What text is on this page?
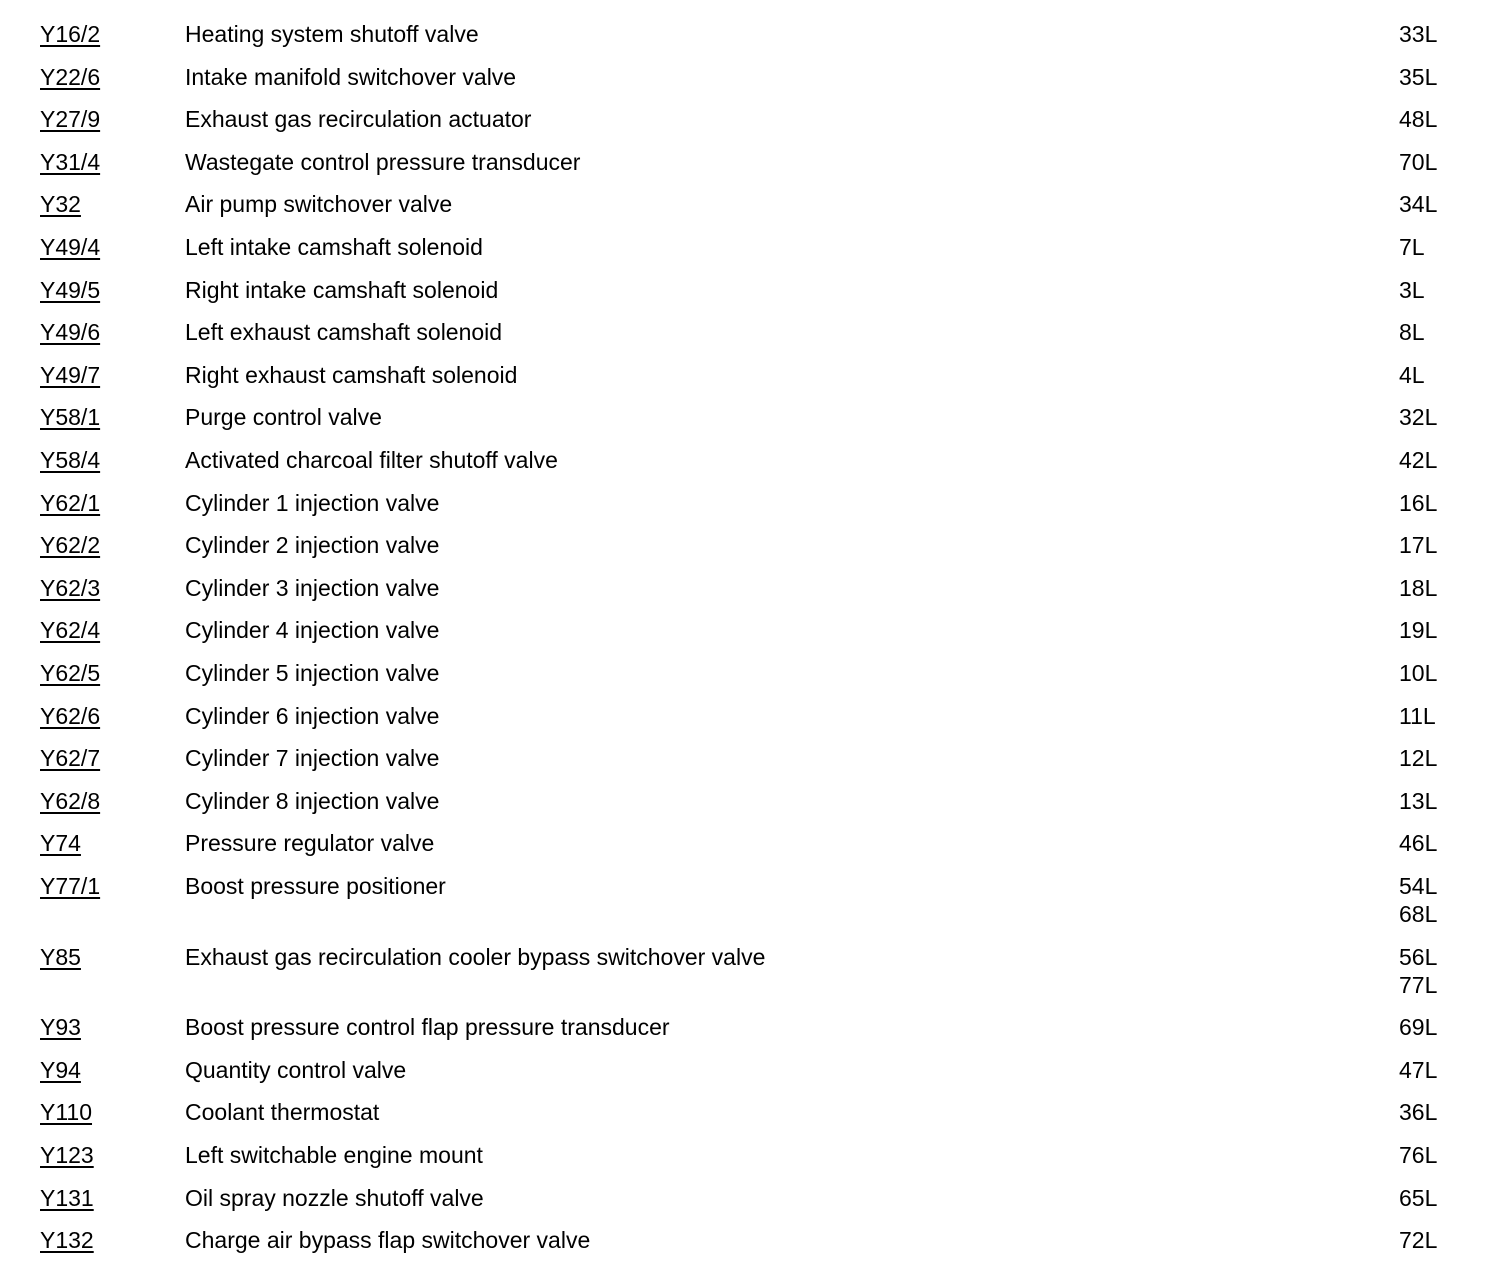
Y16/2	Heating system shutoff valve	33L
Y22/6	Intake manifold switchover valve	35L
Y27/9	Exhaust gas recirculation actuator	48L
Y31/4	Wastegate control pressure transducer	70L
Y32	Air pump switchover valve	34L
Y49/4	Left intake camshaft solenoid	7L
Y49/5	Right intake camshaft solenoid	3L
Y49/6	Left exhaust camshaft solenoid	8L
Y49/7	Right exhaust camshaft solenoid	4L
Y58/1	Purge control valve	32L
Y58/4	Activated charcoal filter shutoff valve	42L
Y62/1	Cylinder 1 injection valve	16L
Y62/2	Cylinder 2 injection valve	17L
Y62/3	Cylinder 3 injection valve	18L
Y62/4	Cylinder 4 injection valve	19L
Y62/5	Cylinder 5 injection valve	10L
Y62/6	Cylinder 6 injection valve	11L
Y62/7	Cylinder 7 injection valve	12L
Y62/8	Cylinder 8 injection valve	13L
Y74	Pressure regulator valve	46L
Y77/1	Boost pressure positioner	54L
68L
Y85	Exhaust gas recirculation cooler bypass switchover valve	56L
77L
Y93	Boost pressure control flap pressure transducer	69L
Y94	Quantity control valve	47L
Y110	Coolant thermostat	36L
Y123	Left switchable engine mount	76L
Y131	Oil spray nozzle shutoff valve	65L
Y132	Charge air bypass flap switchover valve	72L
